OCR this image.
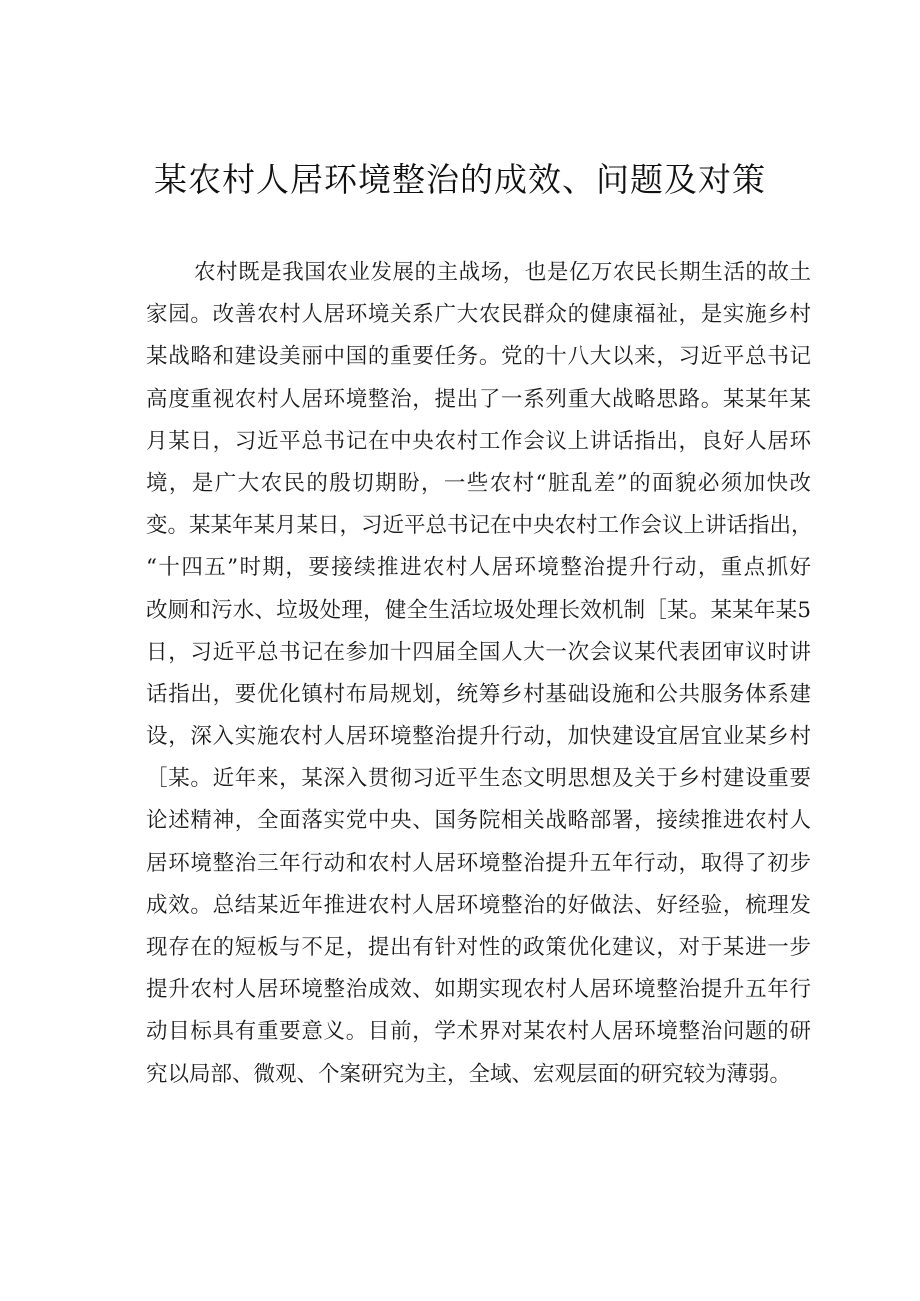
某农村人居环境整治的成效、问题及对策
农村既是我国农业发展的主战场，也是亿万农民长期生活的故土
家园。改善农村人居环境关系广大农民群众的健康福祉，是实施乡村
某战略和建设美丽中国的重要任务。党的十八大以来，习近平总书记
高度重视农村人居环境整治，提出了一系列重大战略思路。某某年某
月某日，习近平总书记在中央农村工作会议上讲话指出，良好人居环
境，是广大农民的殷切期盼，一些农村“脏乱差”的面貌必须加快改
变。某某年某月某日，习近平总书记在中央农村工作会议上讲话指出，
“十四五”时期，要接续推进农村人居环境整治提升行动，重点抓好
改厕和污水、垃圾处理，健全生活垃圾处理长效机制［某。某某年某5
日，习近平总书记在参加十四届全国人大一次会议某代表团审议时讲
话指出，要优化镇村布局规划，统筹乡村基础设施和公共服务体系建
设，深入实施农村人居环境整治提升行动，加快建设宜居宜业某乡村
［某。近年来，某深入贯彻习近平生态文明思想及关于乡村建设重要
论述精神，全面落实党中央、国务院相关战略部署，接续推进农村人
居环境整治三年行动和农村人居环境整治提升五年行动，取得了初步
成效。总结某近年推进农村人居环境整治的好做法、好经验，梳理发
现存在的短板与不足，提出有针对性的政策优化建议，对于某进一步
提升农村人居环境整治成效、如期实现农村人居环境整治提升五年行
动目标具有重要意义。目前，学术界对某农村人居环境整治问题的研
究以局部、微观、个案研究为主，全域、宏观层面的研究较为薄弱。
